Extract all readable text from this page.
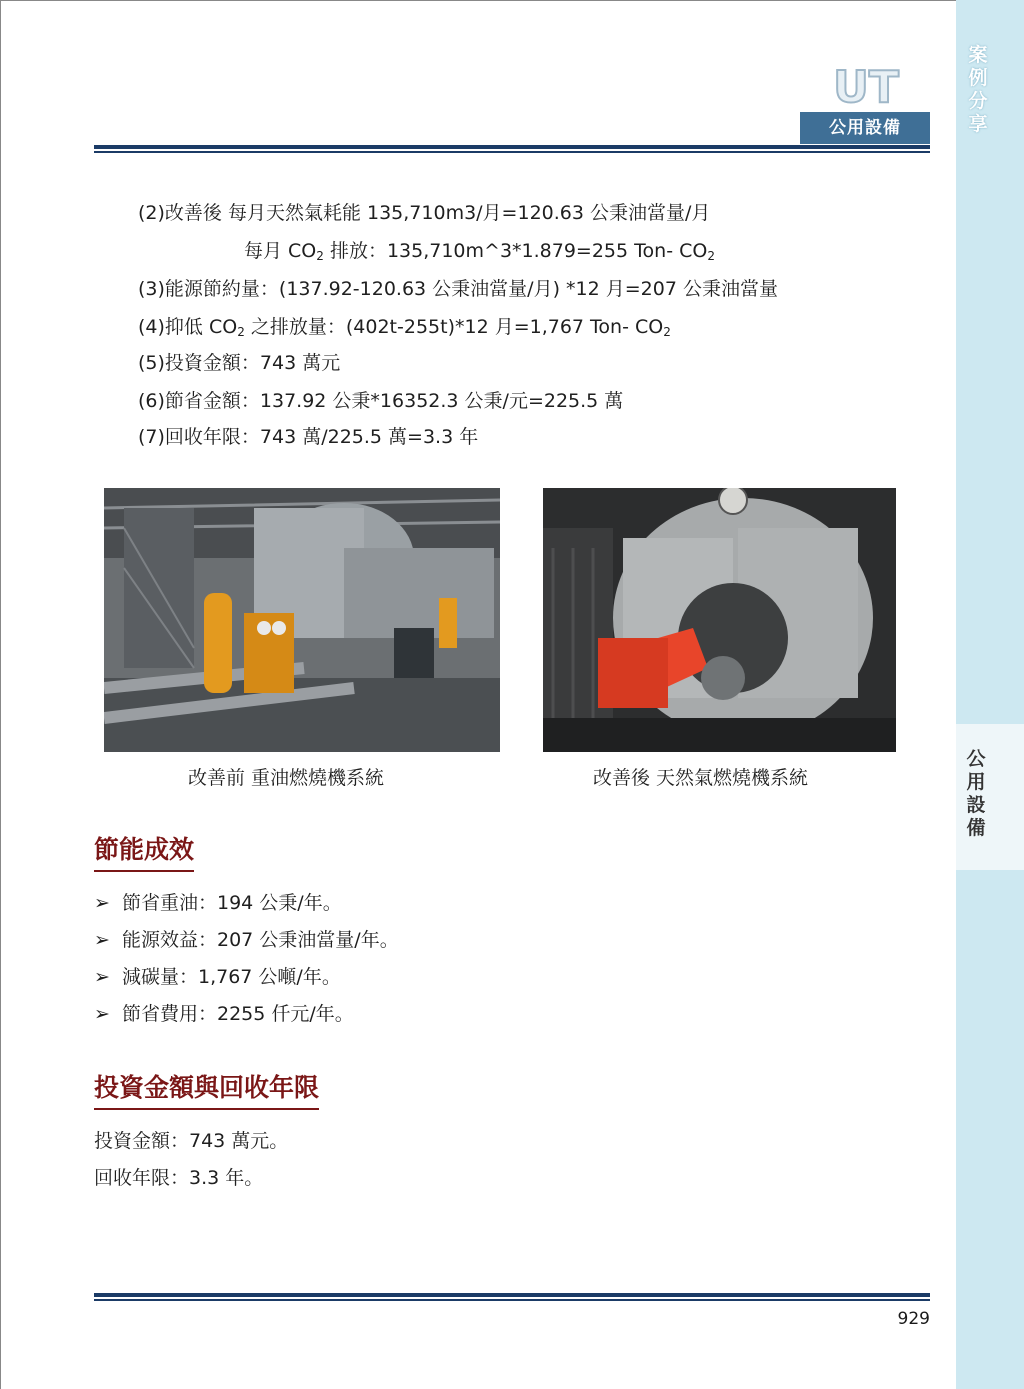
案例分享
公用設備
UT
公用設備
(2)改善後 每月天然氣耗能 135,710m3/月=120.63 公秉油當量/月
每月 $CO_2$ 排放：135,710m^3*1.879=255 Ton- $CO_2$
(3)能源節約量：(137.92-120.63 公秉油當量/月) *12 月=207 公秉油當量
(4)抑低 $CO_2$ 之排放量：(402t-255t)*12 月=1,767 Ton- $CO_2$
(5)投資金額：743 萬元
(6)節省金額：137.92 公秉*16352.3 公秉/元=225.5 萬
(7)回收年限：743 萬/225.5 萬=3.3 年
改善前 重油燃燒機系統	改善後 天然氣燃燒機系統
節能成效
➢ 節省重油：194 公秉/年。
➢ 能源效益：207 公秉油當量/年。
➢ 減碳量：1,767 公噸/年。
➢ 節省費用：2255 仟元/年。
投資金額與回收年限
投資金額：743 萬元。
回收年限：3.3 年。
929
